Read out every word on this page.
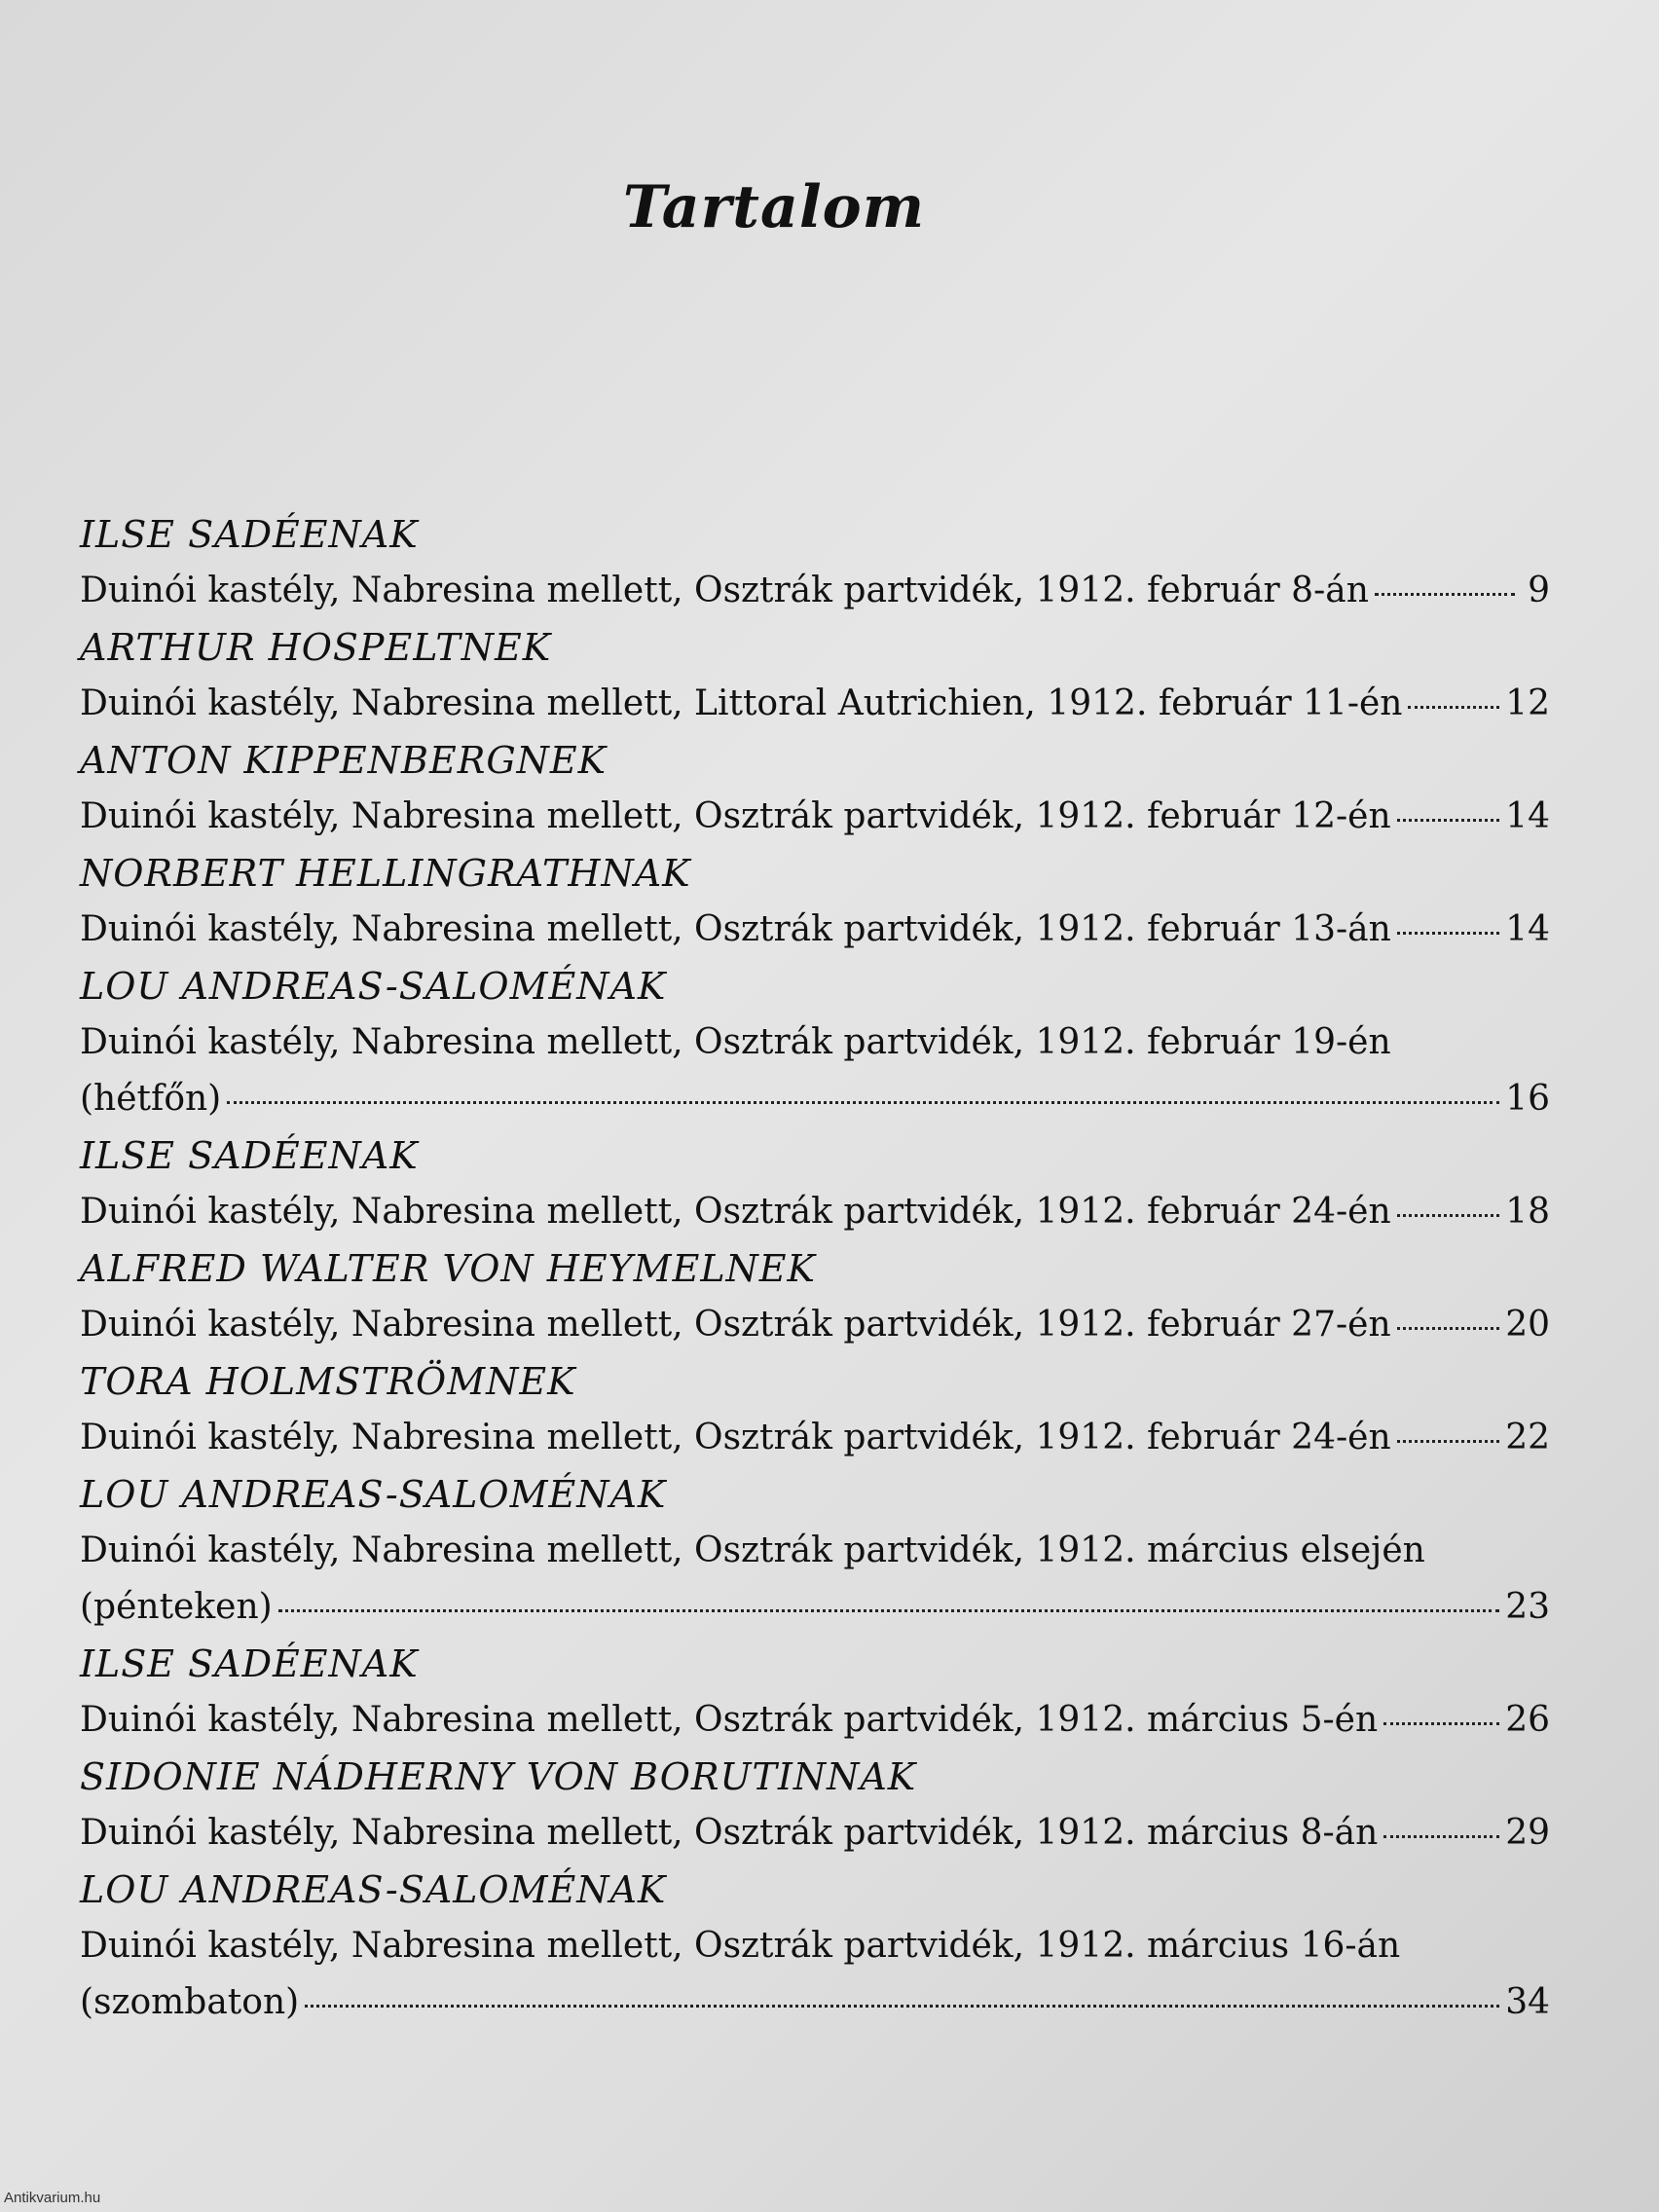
Tartalom
ILSE SADÉENAK
Duinói kastély, Nabresina mellett, Osztrák partvidék, 1912. február 8-án	9
ARTHUR HOSPELTNEK
Duinói kastély, Nabresina mellett, Littoral Autrichien, 1912. február 11-én	12
ANTON KIPPENBERGNEK
Duinói kastély, Nabresina mellett, Osztrák partvidék, 1912. február 12-én	14
NORBERT HELLINGRATHNAK
Duinói kastély, Nabresina mellett, Osztrák partvidék, 1912. február 13-án	14
LOU ANDREAS-SALOMÉNAK
Duinói kastély, Nabresina mellett, Osztrák partvidék, 1912. február 19-én
(hétfőn)	16
ILSE SADÉENAK
Duinói kastély, Nabresina mellett, Osztrák partvidék, 1912. február 24-én	18
ALFRED WALTER VON HEYMELNEK
Duinói kastély, Nabresina mellett, Osztrák partvidék, 1912. február 27-én	20
TORA HOLMSTRÖMNEK
Duinói kastély, Nabresina mellett, Osztrák partvidék, 1912. február 24-én	22
LOU ANDREAS-SALOMÉNAK
Duinói kastély, Nabresina mellett, Osztrák partvidék, 1912. március elsején
(pénteken)	23
ILSE SADÉENAK
Duinói kastély, Nabresina mellett, Osztrák partvidék, 1912. március 5-én	26
SIDONIE NÁDHERNY VON BORUTINNAK
Duinói kastély, Nabresina mellett, Osztrák partvidék, 1912. március 8-án	29
LOU ANDREAS-SALOMÉNAK
Duinói kastély, Nabresina mellett, Osztrák partvidék, 1912. március 16-án
(szombaton)	34
Antikvarium.hu
